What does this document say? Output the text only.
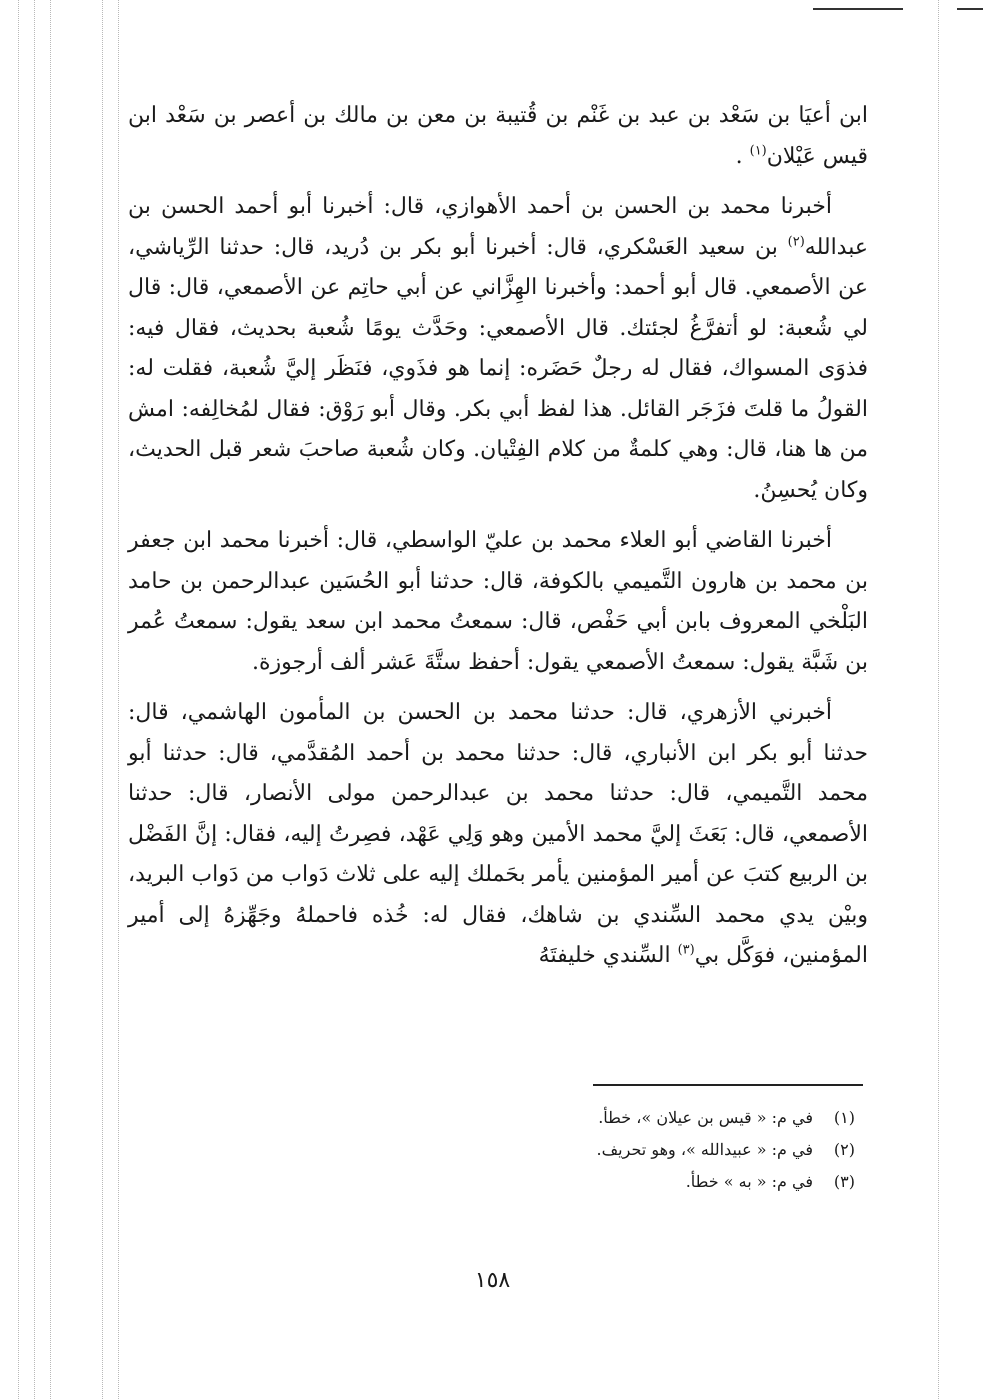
ابن أعيَا بن سَعْد بن عبد بن غَنْم بن قُتيبة بن معن بن مالك بن أعصر بن سَعْد ابن قيس عَيْلان$^{(١)}$ .

أخبرنا محمد بن الحسن بن أحمد الأهوازي، قال: أخبرنا أبو أحمد الحسن بن عبدالله$^{(٢)}$ بن سعيد العَسْكري، قال: أخبرنا أبو بكر بن دُريد، قال: حدثنا الرِّياشي، عن الأصمعي. قال أبو أحمد: وأخبرنا الهِزَّاني عن أبي حاتِم عن الأصمعي، قال: قال لي شُعبة: لو أتفرَّغُ لجئتك. قال الأصمعي: وحَدَّث يومًا شُعبة بحديث، فقال فيه: فذوَى المسواك، فقال له رجلٌ حَضَره: إنما هو فذَوي، فنَظَر إليَّ شُعبة، فقلت له: القولُ ما قلتَ فزَجَر القائل. هذا لفظ أبي بكر. وقال أبو رَوْق: فقال لمُخالِفه: امش من ها هنا، قال: وهي كلمةٌ من كلام الفِتْيان. وكان شُعبة صاحبَ شعر قبل الحديث، وكان يُحسِنُ.

أخبرنا القاضي أبو العلاء محمد بن عليّ الواسطي، قال: أخبرنا محمد ابن جعفر بن محمد بن هارون التَّميمي بالكوفة، قال: حدثنا أبو الحُسَين عبدالرحمن بن حامد البَلْخي المعروف بابن أبي حَفْص، قال: سمعتُ محمد ابن سعد يقول: سمعتُ عُمر بن شَبَّة يقول: سمعتُ الأصمعي يقول: أحفظ ستَّةَ عَشر ألف أرجوزة.

أخبرني الأزهري، قال: حدثنا محمد بن الحسن بن المأمون الهاشمي، قال: حدثنا أبو بكر ابن الأنباري، قال: حدثنا محمد بن أحمد المُقدَّمي، قال: حدثنا أبو محمد التَّميمي، قال: حدثنا محمد بن عبدالرحمن مولى الأنصار، قال: حدثنا الأصمعي، قال: بَعَثَ إليَّ محمد الأمين وهو وَلِي عَهْد، فصِرتُ إليه، فقال: إنَّ الفَضْل بن الربيع كتبَ عن أمير المؤمنين يأمر بحَملك إليه على ثلاث دَواب من دَواب البريد، وبيْن يدي محمد السِّندي بن شاهك، فقال له: خُذه فاحملهُ وجَهِّزهُ إلى أمير المؤمنين، فوَكَّل بي$^{(٣)}$ السِّندي خليفتَهُ

(١)في م: « قيس بن عيلان »، خطأ.

(٢)في م: « عبيدالله »، وهو تحريف.

(٣)في م: « به » خطأ.

١٥٨
